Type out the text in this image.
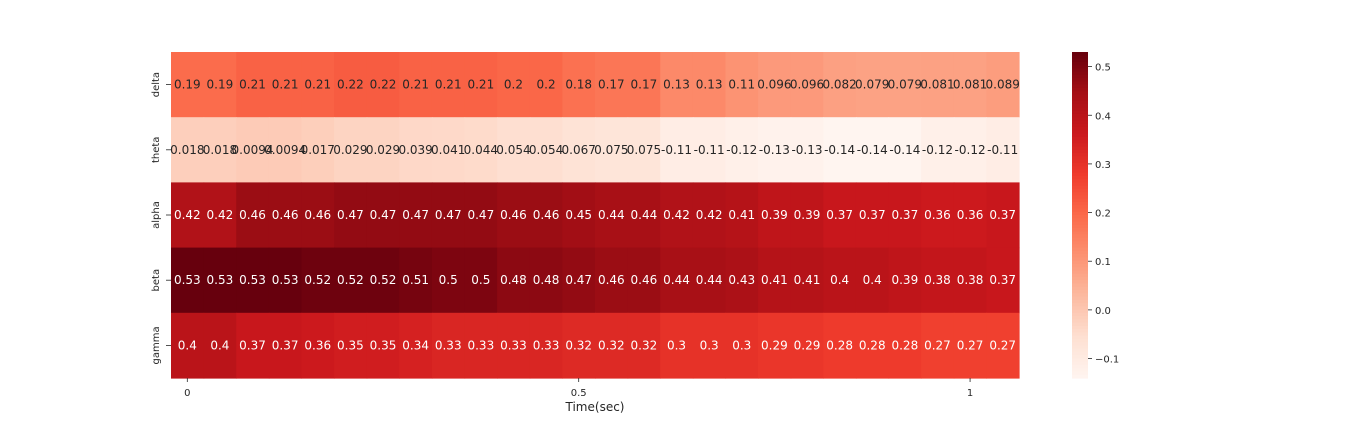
0.19 0.19 0.21 0.21 0.21 0.22 0.22 0.21 0.21 0.21 0.2 0.2 0.18 0.17 0.17 0.13 0.13 0.11 0.096
0.096
0.082
0.079
0.079
0.081
0.081
0.089
0.018
0.018
0.0094
0.0094
0.017
0.029
0.029
0.039
0.041
0.044
0.054
0.054
0.067
0.075
0.075 -0.11 -0.11 -0.12 -0.13 -0.13 -0.14 -0.14 -0.14 -0.12 -0.12 -0.11
0.42 0.42 0.46 0.46 0.46 0.47 0.47 0.47 0.47 0.47 0.46 0.46 0.45 0.44 0.44 0.42 0.42 0.41 0.39 0.39 0.37 0.37 0.37 0.36 0.36 0.37
0.53 0.53 0.53 0.53 0.52 0.52 0.52 0.51 0.5 0.5 0.48 0.48 0.47 0.46 0.46 0.44 0.44 0.43 0.41 0.41 0.4 0.4 0.39 0.38 0.38 0.37
0.4 0.4 0.37 0.37 0.36 0.35 0.35 0.34 0.33 0.33 0.33 0.33 0.32 0.32 0.32 0.3 0.3 0.3 0.29 0.29 0.28 0.28 0.28 0.27 0.27 0.27
delta
theta
alpha
beta
gamma
0	0.5	1
Time(sec)
0.5
0.4
0.3
0.2
0.1
0.0
−0.1
